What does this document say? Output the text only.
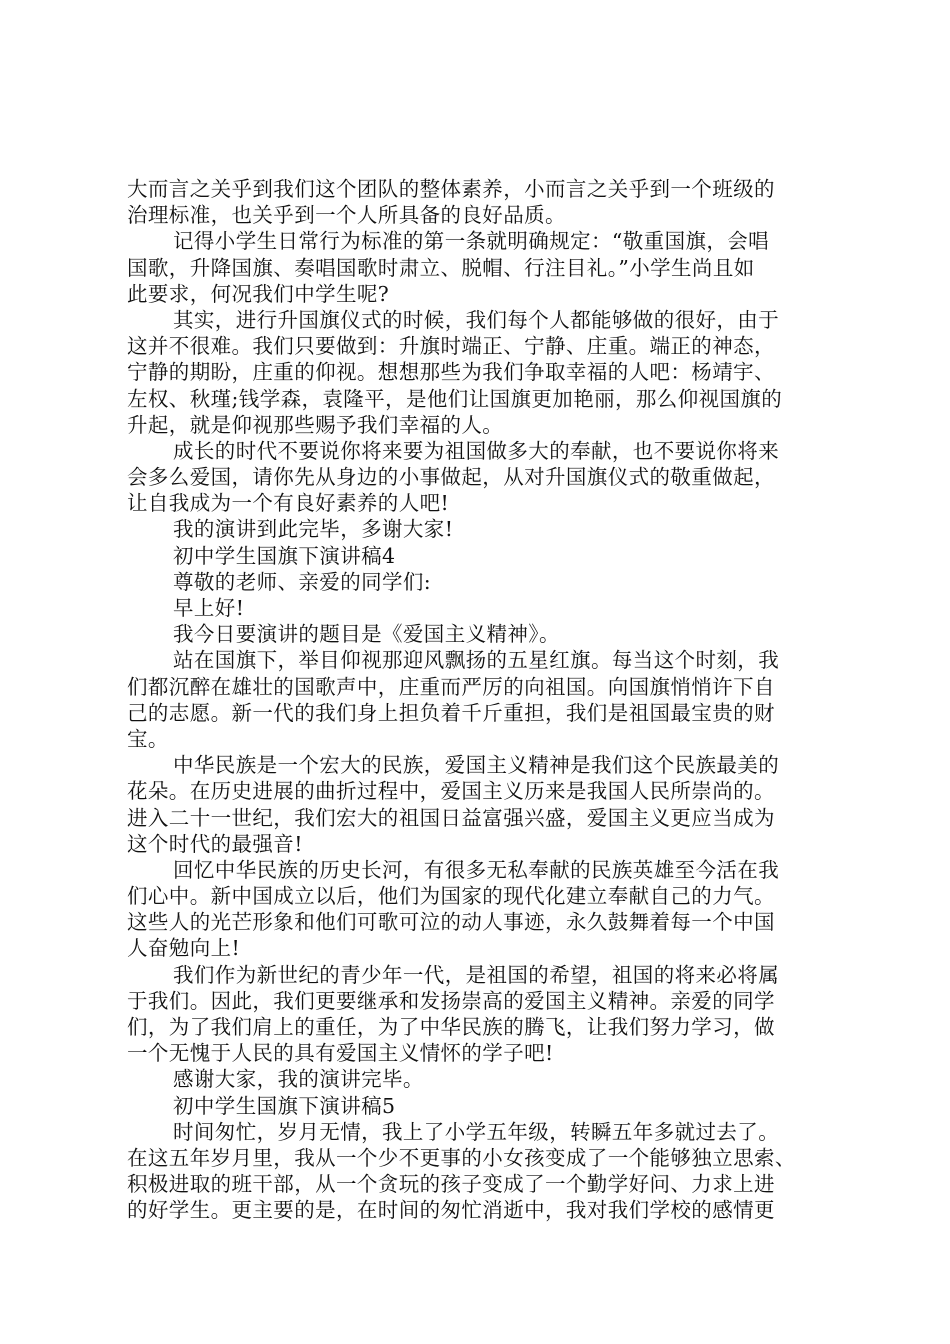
大而言之关乎到我们这个团队的整体素养，小而言之关乎到一个班级的
治理标准，也关乎到一个人所具备的良好品质。
记得小学生日常行为标准的第一条就明确规定：“敬重国旗，会唱
国歌，升降国旗、奏唱国歌时肃立、脱帽、行注目礼。”小学生尚且如
此要求，何况我们中学生呢?
其实，进行升国旗仪式的时候，我们每个人都能够做的很好，由于
这并不很难。我们只要做到：升旗时端正、宁静、庄重。端正的神态，
宁静的期盼，庄重的仰视。想想那些为我们争取幸福的人吧：杨靖宇、
左权、秋瑾;钱学森，袁隆平，是他们让国旗更加艳丽，那么仰视国旗的
升起，就是仰视那些赐予我们幸福的人。
成长的时代不要说你将来要为祖国做多大的奉献，也不要说你将来
会多么爱国，请你先从身边的小事做起，从对升国旗仪式的敬重做起，
让自我成为一个有良好素养的人吧!
我的演讲到此完毕，多谢大家!
初中学生国旗下演讲稿4
尊敬的老师、亲爱的同学们:
早上好!
我今日要演讲的题目是《爱国主义精神》。
站在国旗下，举目仰视那迎风飘扬的五星红旗。每当这个时刻，我
们都沉醉在雄壮的国歌声中，庄重而严厉的向祖国。向国旗悄悄许下自
己的志愿。新一代的我们身上担负着千斤重担，我们是祖国最宝贵的财
宝。
中华民族是一个宏大的民族，爱国主义精神是我们这个民族最美的
花朵。在历史进展的曲折过程中，爱国主义历来是我国人民所崇尚的。
进入二十一世纪，我们宏大的祖国日益富强兴盛，爱国主义更应当成为
这个时代的最强音!
回忆中华民族的历史长河，有很多无私奉献的民族英雄至今活在我
们心中。新中国成立以后，他们为国家的现代化建立奉献自己的力气。
这些人的光芒形象和他们可歌可泣的动人事迹，永久鼓舞着每一个中国
人奋勉向上!
我们作为新世纪的青少年一代，是祖国的希望，祖国的将来必将属
于我们。因此，我们更要继承和发扬崇高的爱国主义精神。亲爱的同学
们，为了我们肩上的重任，为了中华民族的腾飞，让我们努力学习，做
一个无愧于人民的具有爱国主义情怀的学子吧!
感谢大家，我的演讲完毕。
初中学生国旗下演讲稿5
时间匆忙，岁月无情，我上了小学五年级，转瞬五年多就过去了。
在这五年岁月里，我从一个少不更事的小女孩变成了一个能够独立思索、
积极进取的班干部，从一个贪玩的孩子变成了一个勤学好问、力求上进
的好学生。更主要的是，在时间的匆忙消逝中，我对我们学校的感情更
